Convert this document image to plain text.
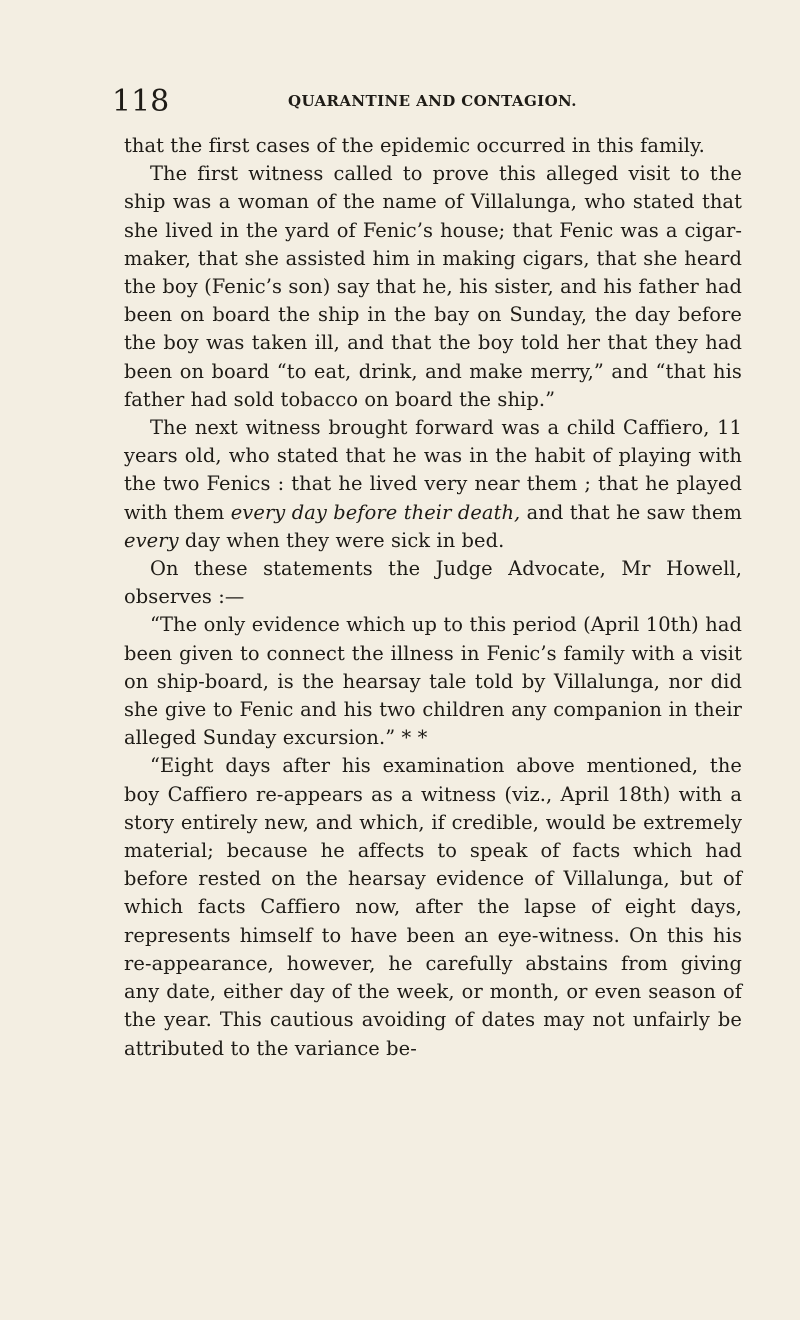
118	QUARANTINE AND CONTAGION.

that the first cases of the epidemic occurred in this family.

The first witness called to prove this alleged visit to the ship was a woman of the name of Villalunga, who stated that she lived in the yard of Fenic’s house; that Fenic was a cigar-maker, that she assisted him in making cigars, that she heard the boy (Fenic’s son) say that he, his sister, and his father had been on board the ship in the bay on Sunday, the day before the boy was taken ill, and that the boy told her that they had been on board “to eat, drink, and make merry,” and “that his father had sold tobacco on board the ship.”

The next witness brought forward was a child Caffiero, 11 years old, who stated that he was in the habit of playing with the two Fenics : that he lived very near them ; that he played with them every day before their death, and that he saw them every day when they were sick in bed.

On these statements the Judge Advocate, Mr Howell, observes :—

“The only evidence which up to this period (April 10th) had been given to connect the illness in Fenic’s family with a visit on ship-board, is the hearsay tale told by Villalunga, nor did she give to Fenic and his two children any companion in their alleged Sunday excursion.” * *

“Eight days after his examination above mentioned, the boy Caffiero re-appears as a witness (viz., April 18th) with a story entirely new, and which, if credible, would be extremely material; because he affects to speak of facts which had before rested on the hearsay evidence of Villalunga, but of which facts Caffiero now, after the lapse of eight days, represents himself to have been an eye-witness. On this his re-appearance, however, he carefully abstains from giving any date, either day of the week, or month, or even season of the year. This cautious avoiding of dates may not unfairly be attributed to the variance be-
